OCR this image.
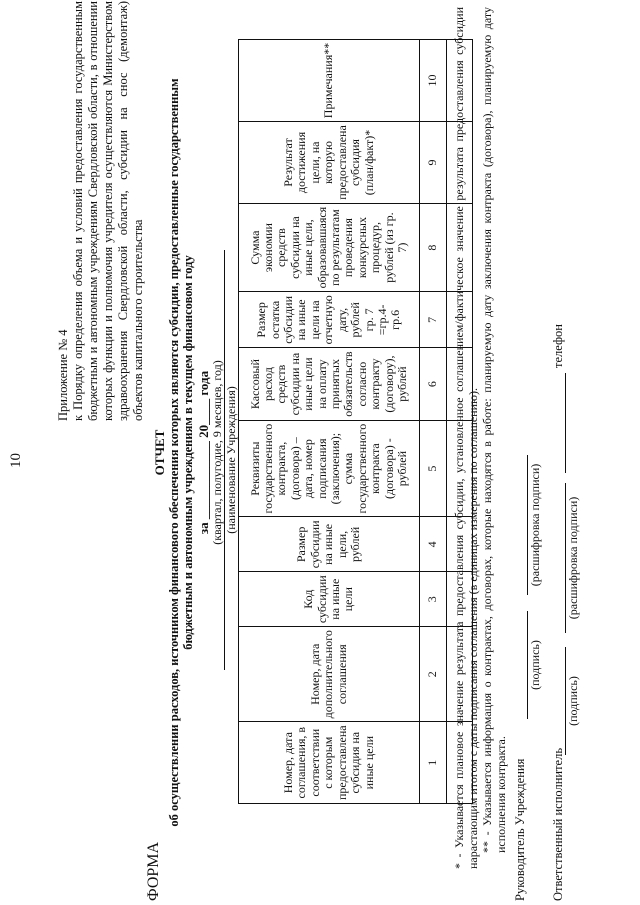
10
Приложение № 4 к Порядку определения объема и условий предоставления государственным бюджетным и автономным учреждениям Свердловской области, в отношении которых функции и полномочия учредителя осуществляются Министерством здравоохранения Свердловской области, субсидии на снос (демонтаж) объектов капитального строительства
ФОРМА
ОТЧЕТ об осуществлении расходов, источником финансового обеспечения которых являются субсидии, предоставленные государственным бюджетным и автономным учреждениям в текущем финансовом году за ____________ 20____ года (квартал, полугодие, 9 месяцев, год) (наименование Учреждения)
Номер, дата соглашения, в соответствии с которым предоставлена субсидия на иные цели	Номер, дата дополнительного соглашения	Код субсидии на иные цели	Размер субсидии на иные цели, рублей	Реквизиты государственного контракта, (договора) – дата, номер подписания (заключения); сумма государственного контракта (договора) - рублей	Кассовый расход средств субсидии на иные цели на оплату принятых обязательств согласно контракту (договору), рублей	Размер остатка субсидии на иные цели на отчетную дату, рублей гр. 7 =гр.4-гр.6	Сумма экономии средств субсидии на иные цели, образовавшаяся по результатам проведения конкурсных процедур, рублей (из гр. 7)	Результат достижения цели, на которую предоставлена субсидия (план/факт)*	Примечания**
1	2	3	4	5	6	7	8	9	10
									* - Указывается плановое значение результата предоставления субсидии, установленное соглашением/фактическое значение результата предоставления субсидии нарастающим итогом с даты подписания соглашения (в единицах измерения по соглашению). ** - Указывается информация о контрактах, договорах, которые находятся в работе: планируемую дату заключения контракта (договора), планируемую дату исполнения контракта. Руководитель Учреждения
(подпись)
(расшифровка подписи)
Ответственный исполнитель
(подпись)
(расшифровка подписи)
телефон
